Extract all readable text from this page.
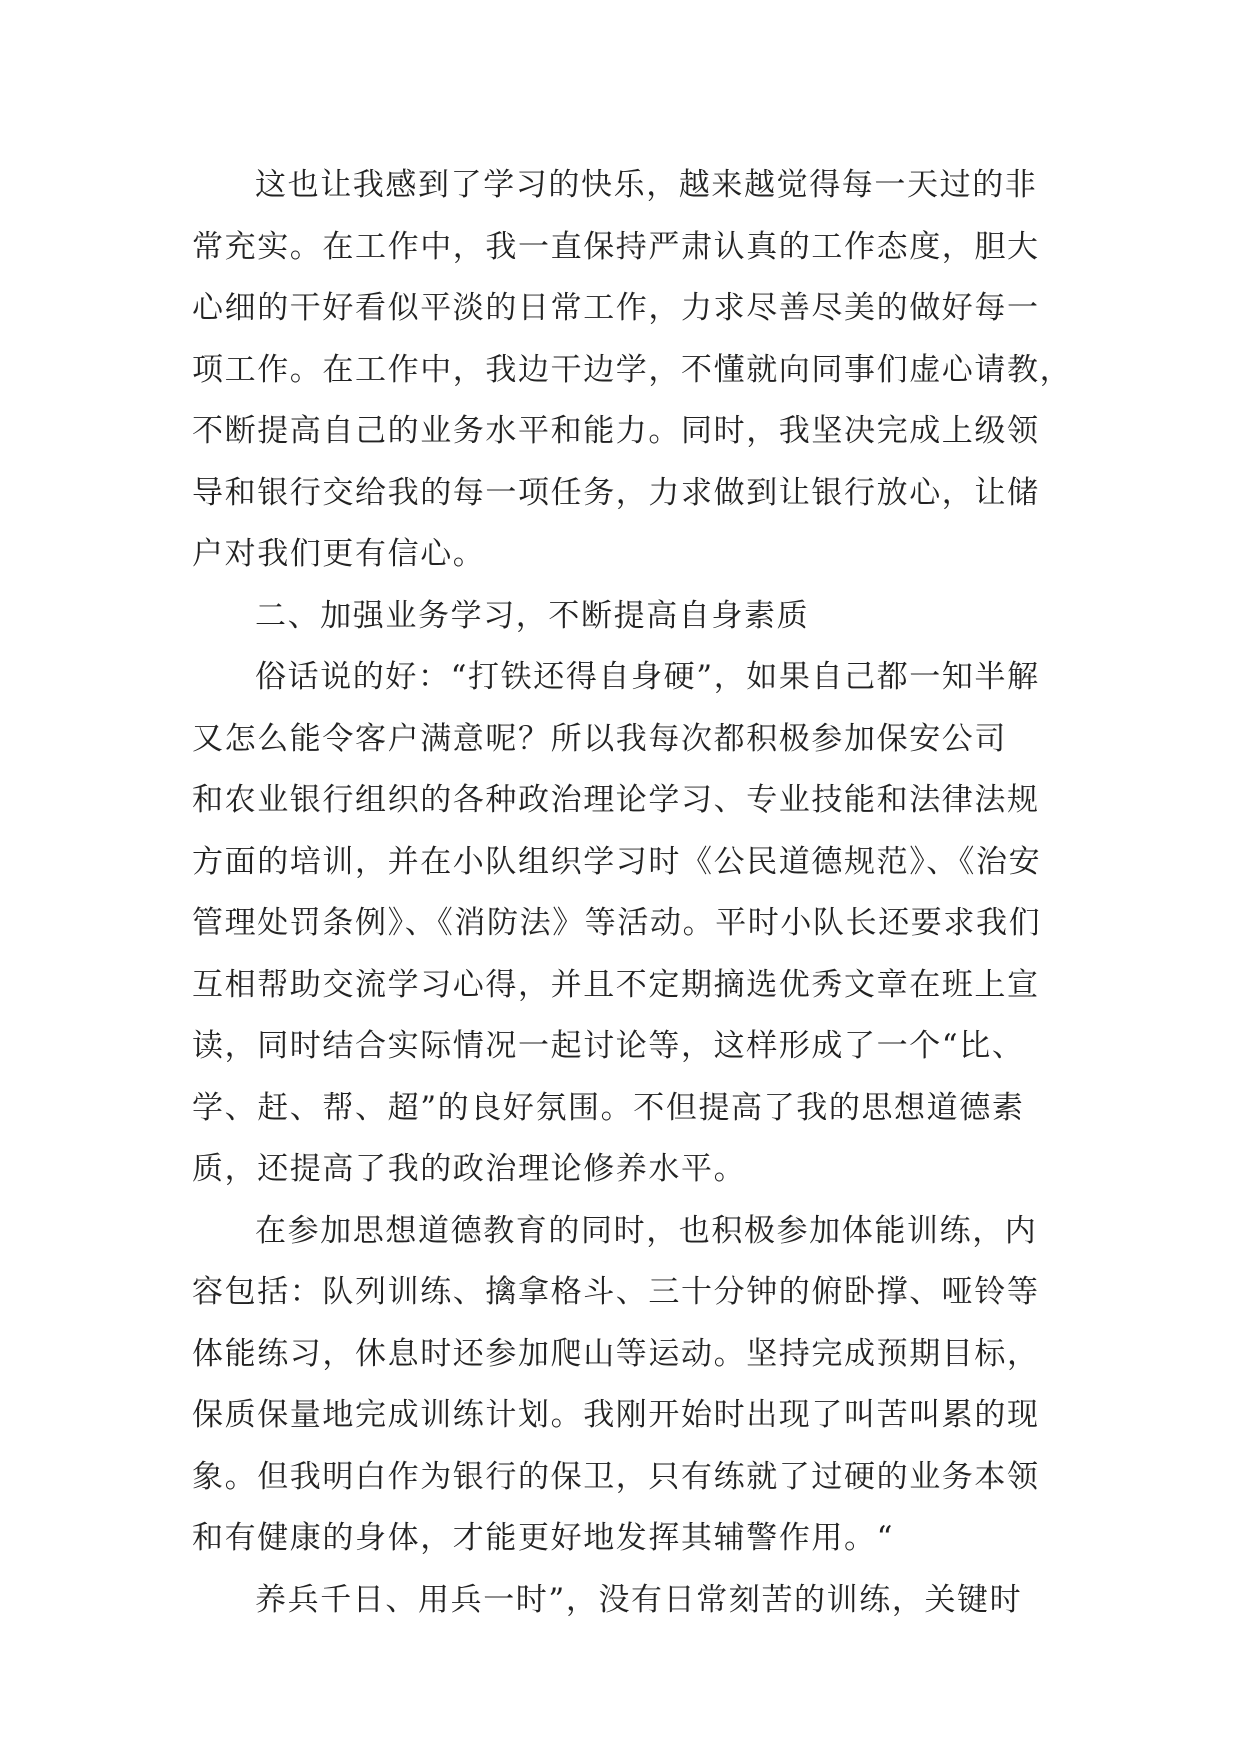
这也让我感到了学习的快乐，越来越觉得每一天过的非
常充实。在工作中，我一直保持严肃认真的工作态度，胆大
心细的干好看似平淡的日常工作，力求尽善尽美的做好每一
项工作。在工作中，我边干边学，不懂就向同事们虚心请教，
不断提高自己的业务水平和能力。同时，我坚决完成上级领
导和银行交给我的每一项任务，力求做到让银行放心，让储
户对我们更有信心。
二、加强业务学习，不断提高自身素质
俗话说的好：“打铁还得自身硬”，如果自己都一知半解
又怎么能令客户满意呢？所以我每次都积极参加保安公司
和农业银行组织的各种政治理论学习、专业技能和法律法规
方面的培训，并在小队组织学习时《公民道德规范》、《治安
管理处罚条例》、《消防法》等活动。平时小队长还要求我们
互相帮助交流学习心得，并且不定期摘选优秀文章在班上宣
读，同时结合实际情况一起讨论等，这样形成了一个“比、
学、赶、帮、超”的良好氛围。不但提高了我的思想道德素
质，还提高了我的政治理论修养水平。
在参加思想道德教育的同时，也积极参加体能训练，内
容包括：队列训练、擒拿格斗、三十分钟的俯卧撑、哑铃等
体能练习，休息时还参加爬山等运动。坚持完成预期目标，
保质保量地完成训练计划。我刚开始时出现了叫苦叫累的现
象。但我明白作为银行的保卫，只有练就了过硬的业务本领
和有健康的身体，才能更好地发挥其辅警作用。“
养兵千日、用兵一时”，没有日常刻苦的训练，关键时
